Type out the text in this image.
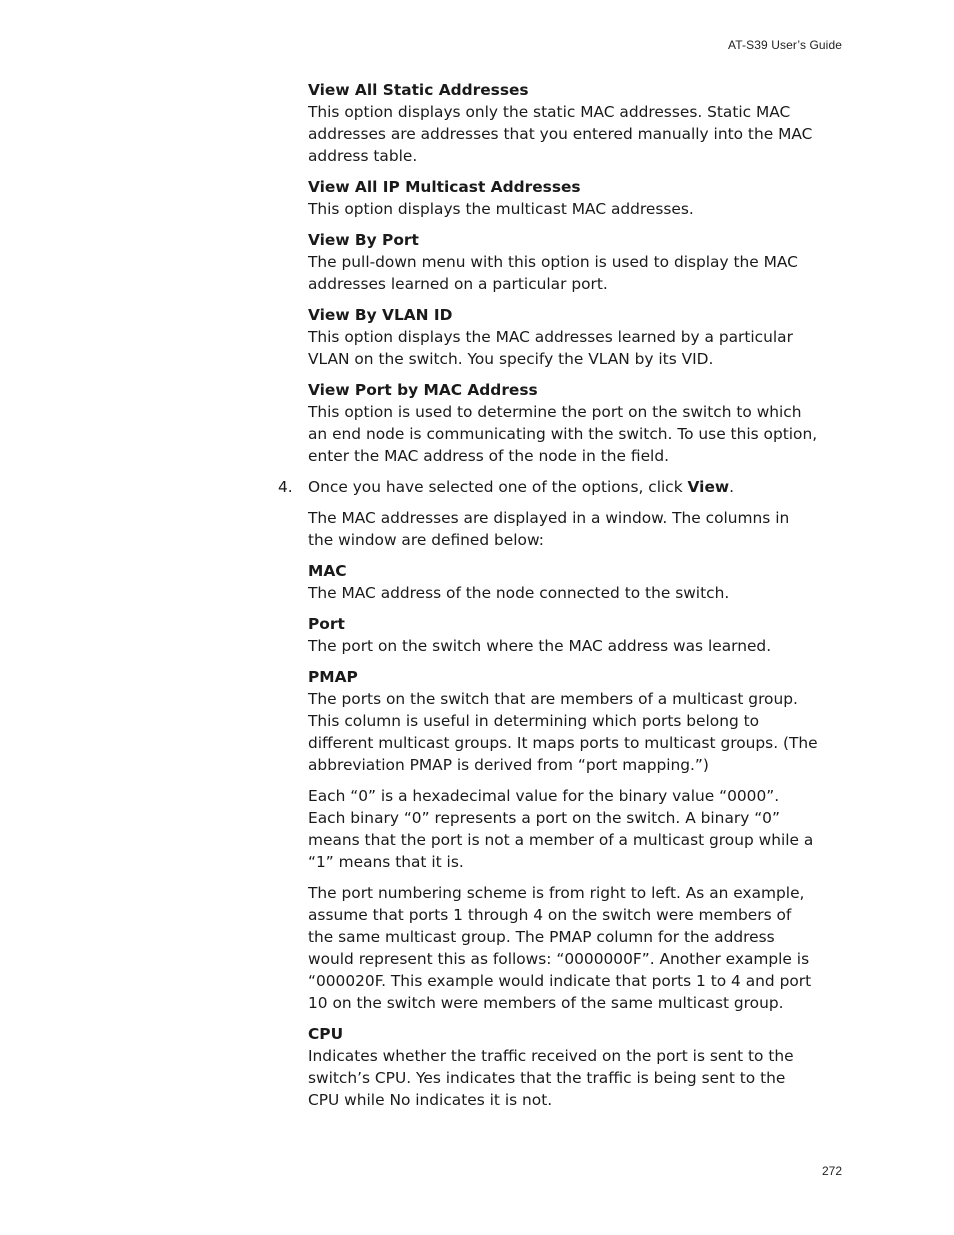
AT-S39 User’s Guide
View All Static Addresses

This option displays only the static MAC addresses. Static MAC addresses are addresses that you entered manually into the MAC address table.

View All IP Multicast Addresses

This option displays the multicast MAC addresses.

View By Port

The pull-down menu with this option is used to display the MAC addresses learned on a particular port.

View By VLAN ID

This option displays the MAC addresses learned by a particular VLAN on the switch. You specify the VLAN by its VID.

View Port by MAC Address

This option is used to determine the port on the switch to which an end node is communicating with the switch. To use this option, enter the MAC address of the node in the field.

4. Once you have selected one of the options, click View.

The MAC addresses are displayed in a window. The columns in the window are defined below:

MAC

The MAC address of the node connected to the switch.

Port

The port on the switch where the MAC address was learned.

PMAP

The ports on the switch that are members of a multicast group. This column is useful in determining which ports belong to different multicast groups. It maps ports to multicast groups. (The abbreviation PMAP is derived from “port mapping.”)

Each “0” is a hexadecimal value for the binary value “0000”. Each binary “0” represents a port on the switch. A binary “0” means that the port is not a member of a multicast group while a “1” means that it is.

The port numbering scheme is from right to left. As an example, assume that ports 1 through 4 on the switch were members of the same multicast group. The PMAP column for the address would represent this as follows: “0000000F”. Another example is “000020F. This example would indicate that ports 1 to 4 and port 10 on the switch were members of the same multicast group.

CPU

Indicates whether the traffic received on the port is sent to the switch’s CPU. Yes indicates that the traffic is being sent to the CPU while No indicates it is not.

272
